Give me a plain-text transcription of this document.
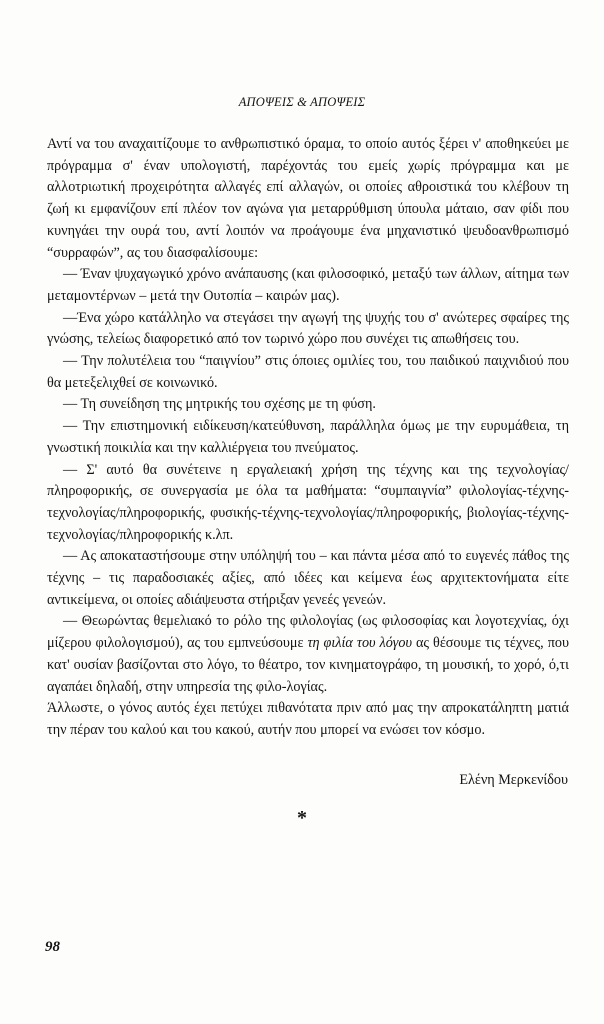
ΑΠΟΨΕΙΣ & ΑΠΟΨΕΙΣ

Αντί να του αναχαιτίζουμε το ανθρωπιστικό όραμα, το οποίο αυτός ξέρει ν' αποθηκεύει με πρόγραμμα σ' έναν υπολογιστή, παρέχοντάς του εμείς χωρίς πρόγραμμα και με αλλοτριωτική προχειρότητα αλλαγές επί αλλαγών, οι οποίες αθροιστικά του κλέβουν τη ζωή κι εμφανίζουν επί πλέον τον αγώνα για μεταρρύθμιση ύπουλα μάταιο, σαν φίδι που κυνηγάει την ουρά του, αντί λοιπόν να προάγουμε ένα μηχανιστικό ψευδοανθρωπισμό “συρραφών”, ας του διασφαλίσουμε:

— Έναν ψυχαγωγικό χρόνο ανάπαυσης (και φιλοσοφικό, μεταξύ των άλλων, αίτημα των μεταμοντέρνων – μετά την Ουτοπία – καιρών μας).

—Ένα χώρο κατάλληλο να στεγάσει την αγωγή της ψυχής του σ' ανώτερες σφαίρες της γνώσης, τελείως διαφορετικό από τον τωρινό χώρο που συνέχει τις απωθήσεις του.

— Την πολυτέλεια του “παιγνίου” στις όποιες ομιλίες του, του παιδικού παιχνιδιού που θα μετεξελιχθεί σε κοινωνικό.

— Τη συνείδηση της μητρικής του σχέσης με τη φύση.

— Την επιστημονική ειδίκευση/κατεύθυνση, παράλληλα όμως με την ευρυμάθεια, τη γνωστική ποικιλία και την καλλιέργεια του πνεύματος.

— Σ' αυτό θα συνέτεινε η εργαλειακή χρήση της τέχνης και της τεχνολογίας/πληροφορικής, σε συνεργασία με όλα τα μαθήματα: “συμπαιγνία” φιλολογίας-τέχνης-τεχνολογίας/πληροφορικής, φυσικής-τέχνης-τεχνολογίας/πληροφορικής, βιολογίας-τέχνης-τεχνολογίας/πληροφορικής κ.λπ.

— Ας αποκαταστήσουμε στην υπόληψή του – και πάντα μέσα από το ευγενές πάθος της τέχνης – τις παραδοσιακές αξίες, από ιδέες και κείμενα έως αρχιτεκτονήματα είτε αντικείμενα, οι οποίες αδιάψευστα στήριξαν γενεές γενεών.

— Θεωρώντας θεμελιακό το ρόλο της φιλολογίας (ως φιλοσοφίας και λογοτεχνίας, όχι μίζερου φιλολογισμού), ας του εμπνεύσουμε τη φιλία του λόγου ας θέσουμε τις τέχνες, που κατ' ουσίαν βασίζονται στο λόγο, το θέατρο, τον κινηματογράφο, τη μουσική, το χορό, ό,τι αγαπάει δηλαδή, στην υπηρεσία της φιλο-λογίας.

Άλλωστε, ο γόνος αυτός έχει πετύχει πιθανότατα πριν από μας την απροκατάληπτη ματιά την πέραν του καλού και του κακού, αυτήν που μπορεί να ενώσει τον κόσμο.

Ελένη Μερκενίδου
*
98
